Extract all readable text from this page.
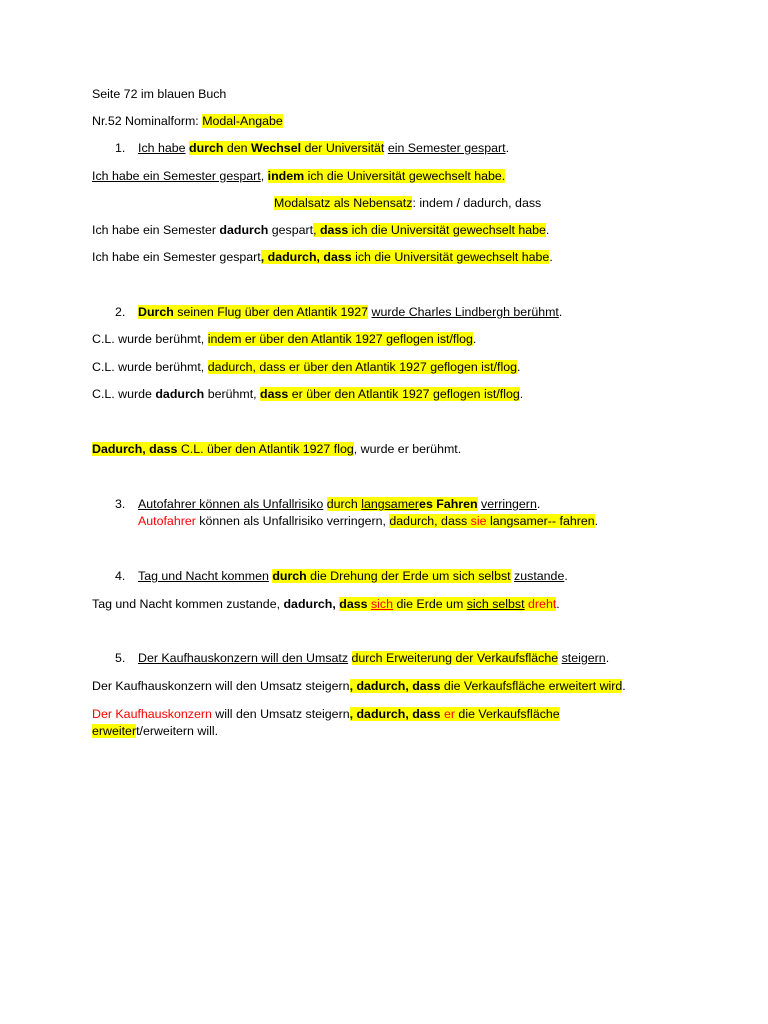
Seite 72 im blauen Buch
Nr.52 Nominalform: Modal-Angabe
1. Ich habe durch den Wechsel der Universität ein Semester gespart.
Ich habe ein Semester gespart, indem ich die Universität gewechselt habe.
Modalsatz als Nebensatz: indem / dadurch, dass
Ich habe ein Semester dadurch gespart, dass ich die Universität gewechselt habe.
Ich habe ein Semester gespart, dadurch, dass ich die Universität gewechselt habe.
2. Durch seinen Flug über den Atlantik 1927 wurde Charles Lindbergh berühmt.
C.L. wurde berühmt, indem er über den Atlantik 1927 geflogen ist/flog.
C.L. wurde berühmt, dadurch, dass er über den Atlantik 1927 geflogen ist/flog.
C.L. wurde dadurch berühmt, dass er über den Atlantik 1927 geflogen ist/flog.
Dadurch, dass C.L. über den Atlantik 1927 flog, wurde er berühmt.
3. Autofahrer können als Unfallrisiko durch langsameres Fahren verringern.
Autofahrer können als Unfallrisiko verringern, dadurch, dass sie langsamer-- fahren.
4. Tag und Nacht kommen durch die Drehung der Erde um sich selbst zustande.
Tag und Nacht kommen zustande, dadurch, dass sich die Erde um sich selbst dreht.
5. Der Kaufhauskonzern will den Umsatz durch Erweiterung der Verkaufsfläche steigern.
Der Kaufhauskonzern will den Umsatz steigern, dadurch, dass die Verkaufsfläche erweitert wird.
Der Kaufhauskonzern will den Umsatz steigern, dadurch, dass er die Verkaufsfläche
erweitert/erweitern will.
